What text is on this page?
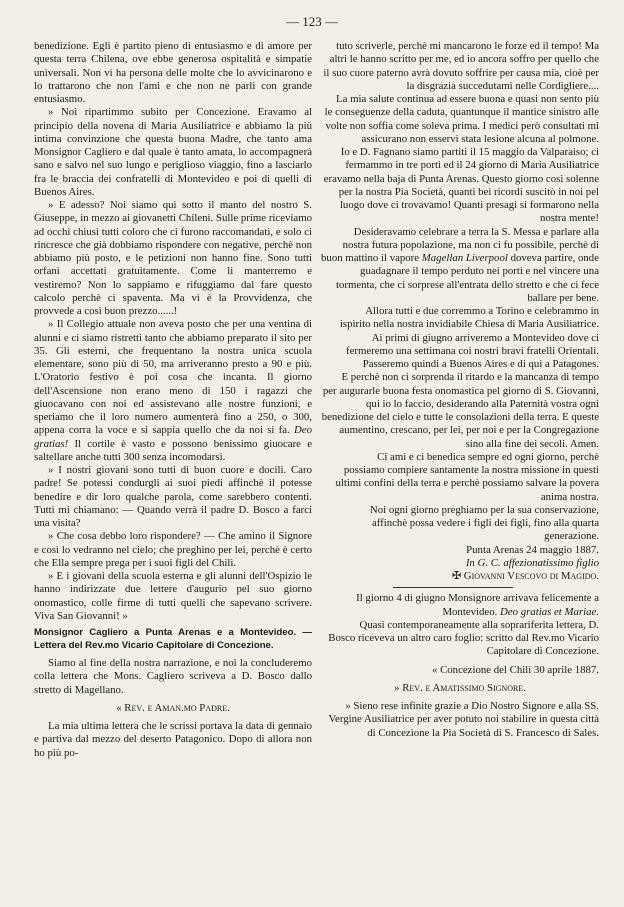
— 123 —

benedizione. Egli è partito pieno di entusiasmo e di amore per questa terra Chilena, ove ebbe generosa ospitalità e simpatie universali. Non vi ha persona delle molte che lo avvicinarono e lo trattarono che non l'ami e che non ne parli con grande entusiasmo.

» Noi ripartimmo subito per Concezione. Eravamo al principio della novena di Maria Ausiliatrice e abbiamo la più intima convinzione che questa buona Madre, che tanto ama Monsignor Cagliero e dal quale è tanto amata, lo accompagnerà sano e salvo nel suo lungo e periglioso viaggio, fino a lasciarlo fra le braccia dei confratelli di Montevideo e poi di quelli di Buenos Aires.

» E adesso? Noi siamo qui sotto il manto del nostro S. Giuseppe, in mezzo ai giovanetti Chileni. Sulle prime riceviamo ad occhi chiusi tutti coloro che ci furono raccomandati, e solo ci rincresce che già dobbiamo rispondere con negative, perchè non abbiamo più posto, e le petizioni non hanno fine. Sono tutti orfani accettati gratuitamente. Come li manterremo e vestiremo? Non lo sappiamo e rifuggiamo dal fare questo calcolo perchè ci spaventa. Ma vi è la Provvidenza, che provvede a così buon prezzo......!

» Il Collegio attuale non aveva posto che per una ventina di alunni e ci siamo ristretti tanto che abbiamo preparato il sito per 35. Gli esterni, che frequentano la nostra unica scuola elementare, sono più di 50, ma arriveranno presto a 90 e più. L'Oratorio festivo è poi cosa che incanta. Il giorno dell'Ascensione non erano meno di 150 i ragazzi che giuocavano con noi ed assistevano alle nostre funzioni, e speriamo che il loro numero aumenterà fino a 250, o 300, appena corra la voce e si sappia quello che da noi si fa. Deo gratias! Il cortile è vasto e possono benissimo giuocare e saltellare anche tutti 300 senza incomodarsi.

» I nostri giovani sono tutti di buon cuore e docili. Caro padre! Se potessi condurgli ai suoi piedi affinchè il potesse benedire e dir loro qualche parola, come sarebbero contenti. Tutti mi chiamano: — Quando verrà il padre D. Bosco a farci una visita?

» Che cosa debbo loro rispondere? — Che amino il Signore e così lo vedranno nel cielo; che preghino per lei, perchè è certo che Ella sempre prega per i suoi figli del Chilì.

» E i giovani della scuola esterna e gli alunni dell'Ospizio le hanno indirizzate due lettere d'augurio pel suo giorno onomastico, colle firme di tutti quelli che sapevano scrivere. Viva San Giovanni! »

Monsignor Cagliero a Punta Arenas e a Montevideo. — Lettera del Rev.mo Vicario Capitolare di Concezione.

Siamo al fine della nostra narrazione, e noi la concluderemo colla lettera che Mons. Cagliero scriveva a D. Bosco dallo stretto di Magellano.

« Rev. e Aman.mo Padre.

La mia ultima lettera che le scrissi portava la data di gennaio e partiva dal mezzo del deserto Patagonico. Dopo di allora non ho più po-

tuto scriverle, perchè mi mancarono le forze ed il tempo! Ma altri le hanno scritto per me, ed io ancora soffro per quello che il suo cuore paterno avrà dovuto soffrire per causa mia, cioè per la disgrazia succedutami nelle Cordigliere....

La mia salute continua ad essere buona e quasi non sento più le conseguenze della caduta, quantunque il mantice sinistro alle volte non soffia come soleva prima. I medici però consultati mi assicurano non esservi stata lesione alcuna al polmone.

Io e D. Fagnano siamo partiti il 15 maggio da Valparaiso; ci fermammo in tre porti ed il 24 giorno di Maria Ausiliatrice eravamo nella baja di Punta Arenas. Questo giorno così solenne per la nostra Pia Società, quanti bei ricordi suscitò in noi pel luogo dove ci trovavamo! Quanti presagi si formarono nella nostra mente!

Desideravamo celebrare a terra la S. Messa e parlare alla nostra futura popolazione, ma non ci fu possibile, perchè di buon mattino il vapore Magellan Liverpool doveva partire, onde guadagnare il tempo perduto nei porti e nel vincere una tormenta, che ci sorprese all'entrata dello stretto e che ci fece ballare per bene.

Allora tutti e due corremmo a Torino e celebrammo in ispirito nella nostra invidiabile Chiesa di Maria Ausiliatrice.

Ai primi di giugno arriveremo a Montevideo dove ci fermeremo una settimana coi nostri bravi fratelli Orientali. Passeremo quindi a Buenos Aires e di qui a Patagones.

E perchè non ci sorprenda il ritardo e la mancanza di tempo per augurarle buona festa onomastica pel giorno di S. Giovanni, qui io lo faccio, desiderando alla Paternità vostra ogni benedizione del cielo e tutte le consolazioni della terra. E queste aumentino, crescano, per lei, per noi e per la Congregazione sino alla fine dei secoli. Amen.

Ci ami e ci benedica sempre ed ogni giorno, perchè possiamo compiere santamente la nostra missione in questi ultimi confini della terra e perchè possiamo salvare la povera anima nostra.

Noi ogni giorno preghiamo per la sua conservazione, affinchè possa vedere i figli dei figli, fino alla quarta generazione.

Punta Arenas 24 maggio 1887.

In G. C. affezionatissimo figlio

✠ Giovanni Vescovo di Magido.

Il giorno 4 di giugno Monsignore arrivava felicemente a Montevideo. Deo gratias et Mariae.

Quasi contemporaneamente alla soprariferita lettera, D. Bosco riceveva un altro caro foglio: scritto dal Rev.mo Vicario Capitolare di Concezione.

« Concezione del Chilì 30 aprile 1887.

» Rev. e Amatissimo Signore.

» Sieno rese infinite grazie a Dio Nostro Signore e alla SS. Vergine Ausiliatrice per aver potuto noi stabilire in questa città di Concezione la Pia Società di S. Francesco di Sales.
